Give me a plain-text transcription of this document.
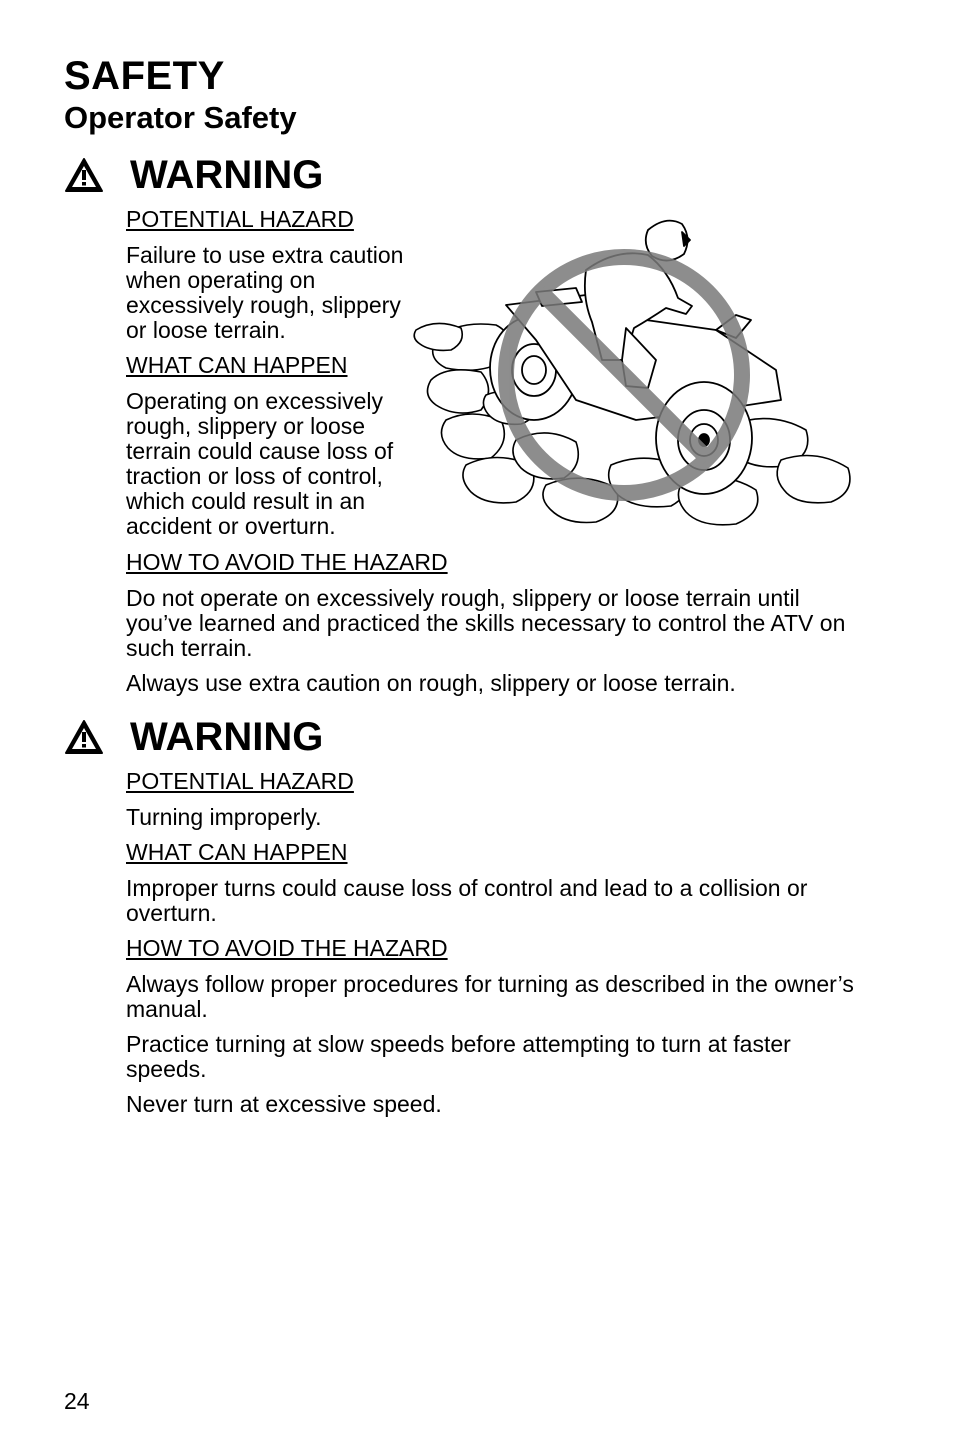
SAFETY
Operator Safety
WARNING

POTENTIAL HAZARD

Failure to use extra caution when operating on excessively rough, slippery or loose terrain.

WHAT CAN HAPPEN

Operating on excessively rough, slippery or loose terrain could cause loss of traction or loss of control, which could result in an accident or overturn.

HOW TO AVOID THE HAZARD

Do not operate on excessively rough, slippery or loose terrain until you’ve learned and practiced the skills necessary to control the ATV on such terrain.

Always use extra caution on rough, slippery or loose terrain.

WARNING

POTENTIAL HAZARD

Turning improperly.

WHAT CAN HAPPEN

Improper turns could cause loss of control and lead to a collision or overturn.

HOW TO AVOID THE HAZARD

Always follow proper procedures for turning as described in the owner’s manual.

Practice turning at slow speeds before attempting to turn at faster speeds.

Never turn at excessive speed.

24
